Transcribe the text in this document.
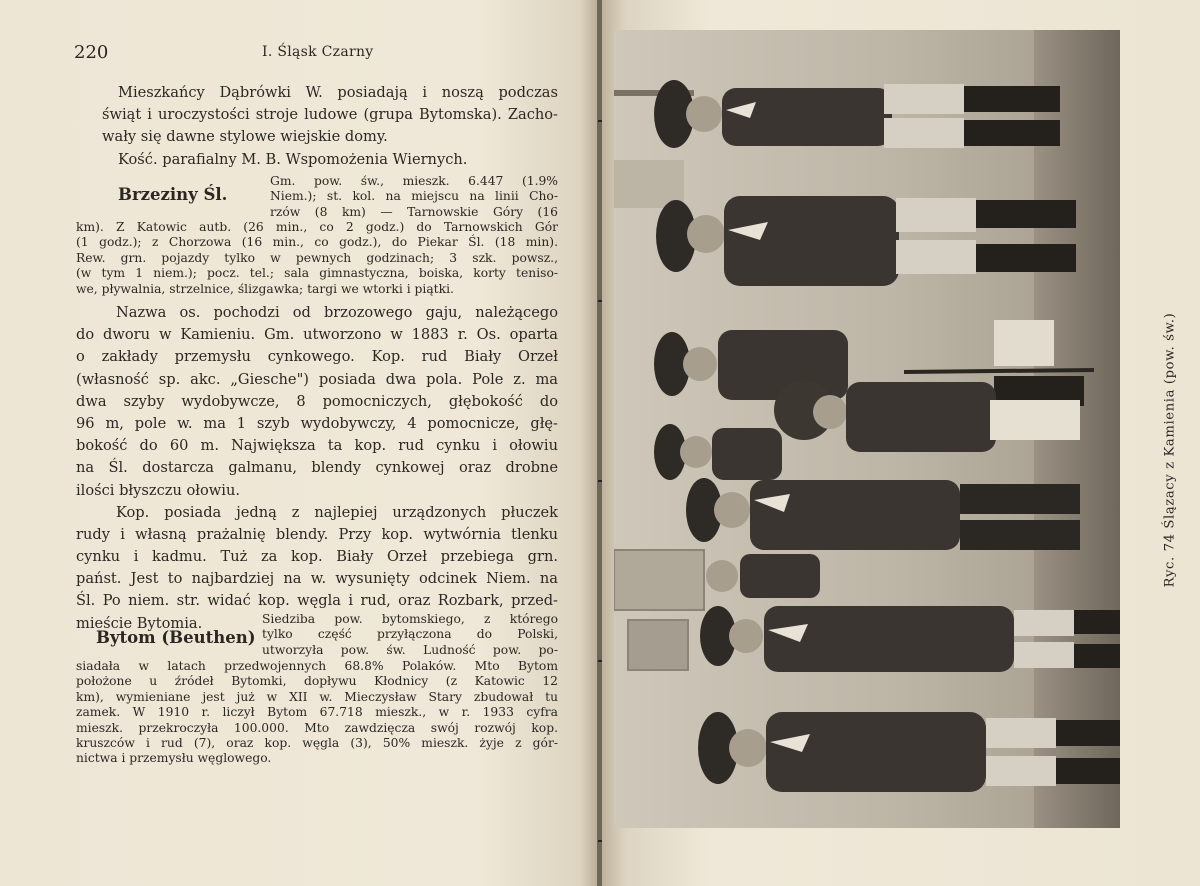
220	I. Śląsk Czarny
Mieszkańcy Dąbrówki W. posiadają i noszą podczas
świąt i uroczystości stroje ludowe (grupa Bytomska). Zacho-
wały się dawne stylowe wiejskie domy.
Kość. parafialny M. B. Wspomożenia Wiernych.
Brzeziny Śl.
Gm. pow. św., mieszk. 6.447 (1.9%
Niem.); st. kol. na miejscu na linii Cho-
rzów (8 km) — Tarnowskie Góry (16
km). Z Katowic autb. (26 min., co 2 godz.) do Tarnowskich Gór
(1 godz.); z Chorzowa (16 min., co godz.), do Piekar Śl. (18 min).
Rew. grn. pojazdy tylko w pewnych godzinach; 3 szk. powsz.,
(w tym 1 niem.); pocz. tel.; sala gimnastyczna, boiska, korty teniso-
we, pływalnia, strzelnice, ślizgawka; targi we wtorki i piątki.
Nazwa os. pochodzi od brzozowego gaju, należącego
do dworu w Kamieniu. Gm. utworzono w 1883 r. Os. oparta
o zakłady przemysłu cynkowego. Kop. rud Biały Orzeł
(własność sp. akc. „Giesche") posiada dwa pola. Pole z. ma
dwa szyby wydobywcze, 8 pomocniczych, głębokość do
96 m, pole w. ma 1 szyb wydobywczy, 4 pomocnicze, głę-
bokość do 60 m. Największa ta kop. rud cynku i ołowiu
na Śl. dostarcza galmanu, blendy cynkowej oraz drobne
ilości błyszczu ołowiu.
Kop. posiada jedną z najlepiej urządzonych płuczek
rudy i własną prażalnię blendy. Przy kop. wytwórnia tlenku
cynku i kadmu. Tuż za kop. Biały Orzeł przebiega grn.
państ. Jest to najbardziej na w. wysunięty odcinek Niem. na
Śl. Po niem. str. widać kop. węgla i rud, oraz Rozbark, przed-
mieście Bytomia.
Bytom (Beuthen)
Siedziba pow. bytomskiego, z którego
tylko część przyłączona do Polski,
utworzyła pow. św. Ludność pow. po-
siadała w latach przedwojennych 68.8% Polaków. Mto Bytom
położone u źródeł Bytomki, dopływu Kłodnicy (z Katowic 12
km), wymieniane jest już w XII w. Mieczysław Stary zbudował tu
zamek. W 1910 r. liczył Bytom 67.718 mieszk., w r. 1933 cyfra
mieszk. przekroczyła 100.000. Mto zawdzięcza swój rozwój kop.
kruszców i rud (7), oraz kop. węgla (3), 50% mieszk. żyje z gór-
nictwa i przemysłu węglowego.
Ryc. 74 Ślązacy z Kamienia (pow. św.)
